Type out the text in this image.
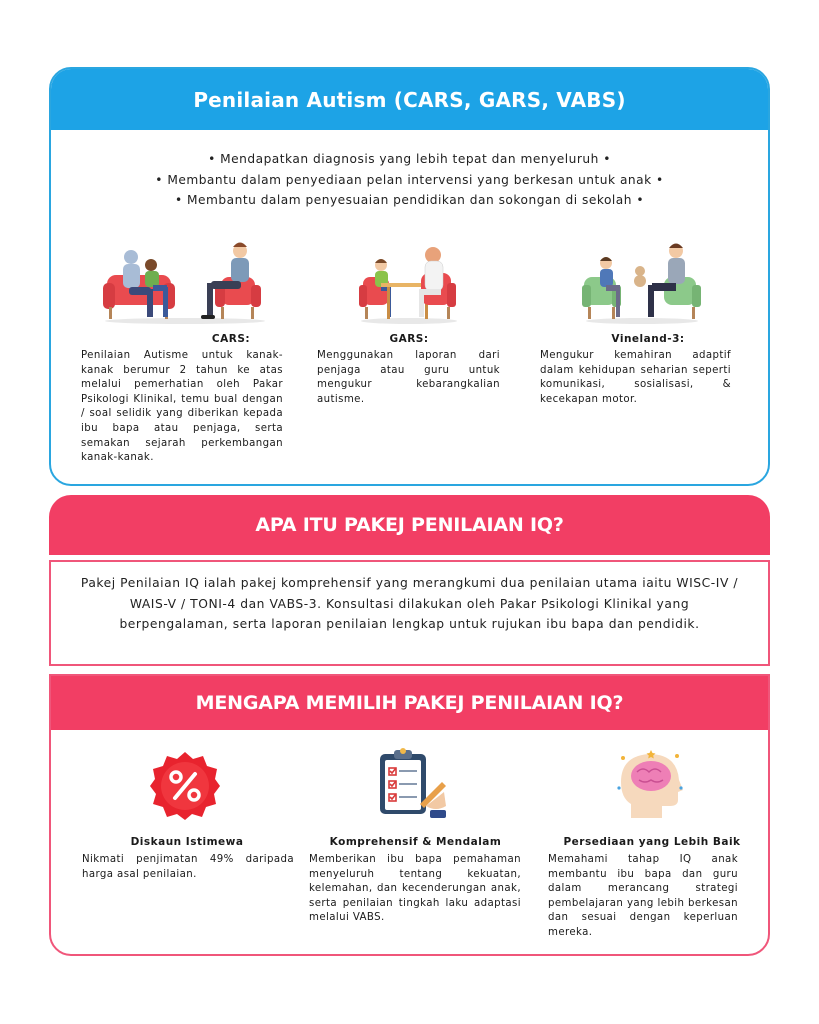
Penilaian Autism (CARS, GARS, VABS)
• Mendapatkan diagnosis yang lebih tepat dan menyeluruh •
• Membantu dalam penyediaan pelan intervensi yang berkesan untuk anak •
• Membantu dalam penyesuaian pendidikan dan sokongan di sekolah •
CARS:
Penilaian Autisme untuk kanak-kanak berumur 2 tahun ke atas melalui pemerhatian oleh Pakar Psikologi Klinikal, temu bual dengan / soal selidik yang diberikan kepada ibu bapa atau penjaga, serta semakan sejarah perkembangan kanak-kanak.
GARS:
Menggunakan laporan dari penjaga atau guru untuk mengukur kebarangkalian autisme.
Vineland-3:
Mengukur kemahiran adaptif dalam kehidupan seharian seperti komunikasi, sosialisasi, & kecekapan motor.
APA ITU PAKEJ PENILAIAN IQ?
Pakej Penilaian IQ ialah pakej komprehensif yang merangkumi dua penilaian utama iaitu WISC-IV / WAIS-V / TONI-4 dan VABS-3. Konsultasi dilakukan oleh Pakar Psikologi Klinikal yang berpengalaman, serta laporan penilaian lengkap untuk rujukan ibu bapa dan pendidik.
MENGAPA MEMILIH PAKEJ PENILAIAN IQ?
Diskaun Istimewa
Nikmati penjimatan 49% daripada harga asal penilaian.
Komprehensif & Mendalam
Memberikan ibu bapa pemahaman menyeluruh tentang kekuatan, kelemahan, dan kecenderungan anak, serta penilaian tingkah laku adaptasi melalui VABS.
Persediaan yang Lebih Baik
Memahami tahap IQ anak membantu ibu bapa dan guru dalam merancang strategi pembelajaran yang lebih berkesan dan sesuai dengan keperluan mereka.
